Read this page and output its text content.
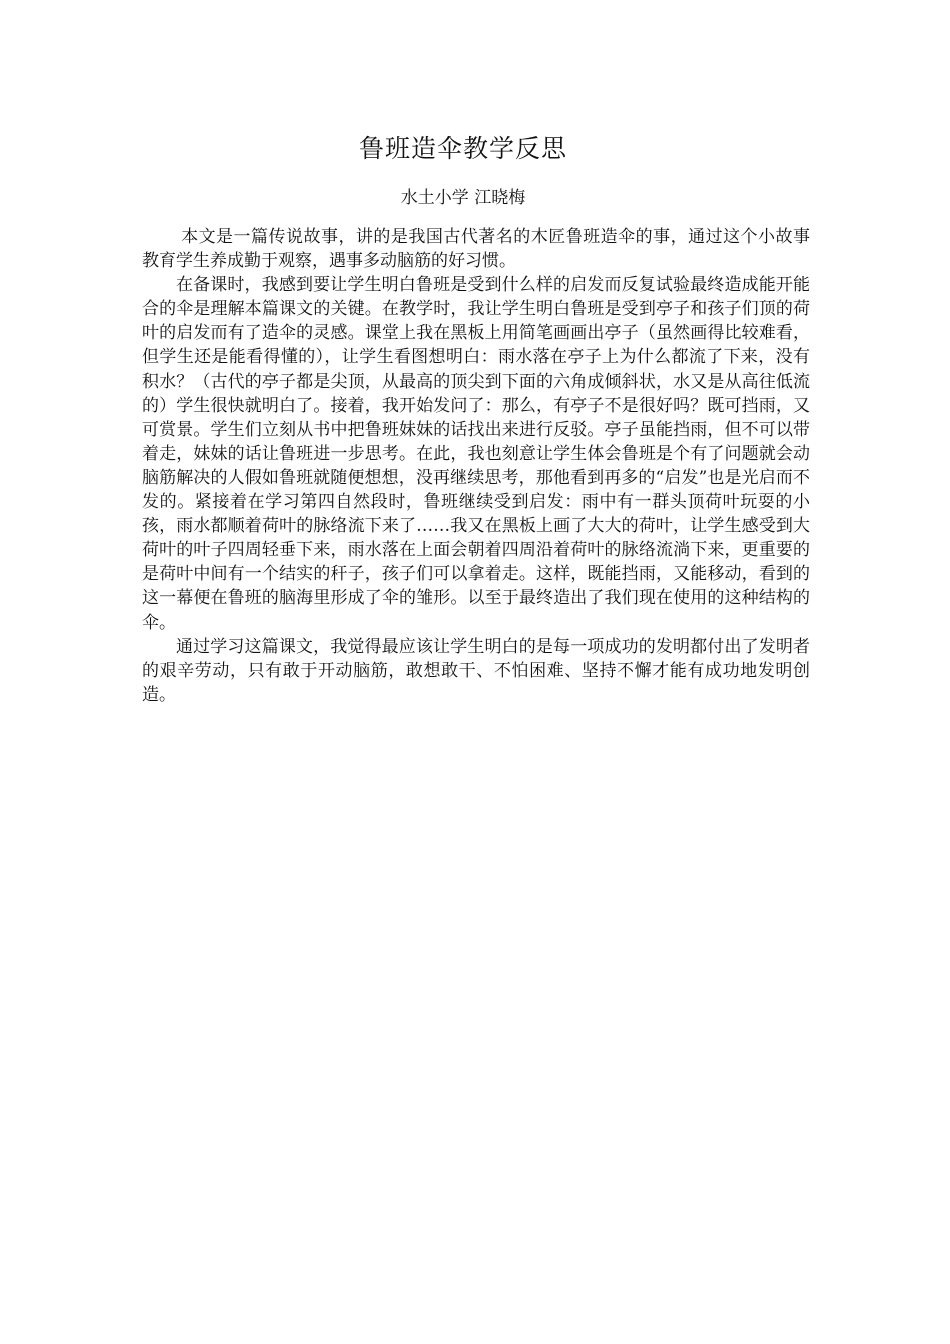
鲁班造伞教学反思
水土小学 江晓梅

本文是一篇传说故事，讲的是我国古代著名的木匠鲁班造伞的事，通过这个小故事教育学生养成勤于观察，遇事多动脑筋的好习惯。

在备课时，我感到要让学生明白鲁班是受到什么样的启发而反复试验最终造成能开能合的伞是理解本篇课文的关键。在教学时，我让学生明白鲁班是受到亭子和孩子们顶的荷叶的启发而有了造伞的灵感。课堂上我在黑板上用简笔画画出亭子（虽然画得比较难看，但学生还是能看得懂的），让学生看图想明白：雨水落在亭子上为什么都流了下来，没有积水？（古代的亭子都是尖顶，从最高的顶尖到下面的六角成倾斜状，水又是从高往低流的）学生很快就明白了。接着，我开始发问了：那么，有亭子不是很好吗？既可挡雨，又可赏景。学生们立刻从书中把鲁班妹妹的话找出来进行反驳。亭子虽能挡雨，但不可以带着走，妹妹的话让鲁班进一步思考。在此，我也刻意让学生体会鲁班是个有了问题就会动脑筋解决的人假如鲁班就随便想想，没再继续思考，那他看到再多的“启发”也是光启而不发的。紧接着在学习第四自然段时，鲁班继续受到启发：雨中有一群头顶荷叶玩耍的小孩，雨水都顺着荷叶的脉络流下来了……我又在黑板上画了大大的荷叶，让学生感受到大荷叶的叶子四周轻垂下来，雨水落在上面会朝着四周沿着荷叶的脉络流淌下来，更重要的是荷叶中间有一个结实的秆子，孩子们可以拿着走。这样，既能挡雨，又能移动，看到的这一幕便在鲁班的脑海里形成了伞的雏形。以至于最终造出了我们现在使用的这种结构的伞。

通过学习这篇课文，我觉得最应该让学生明白的是每一项成功的发明都付出了发明者的艰辛劳动，只有敢于开动脑筋，敢想敢干、不怕困难、坚持不懈才能有成功地发明创造。
